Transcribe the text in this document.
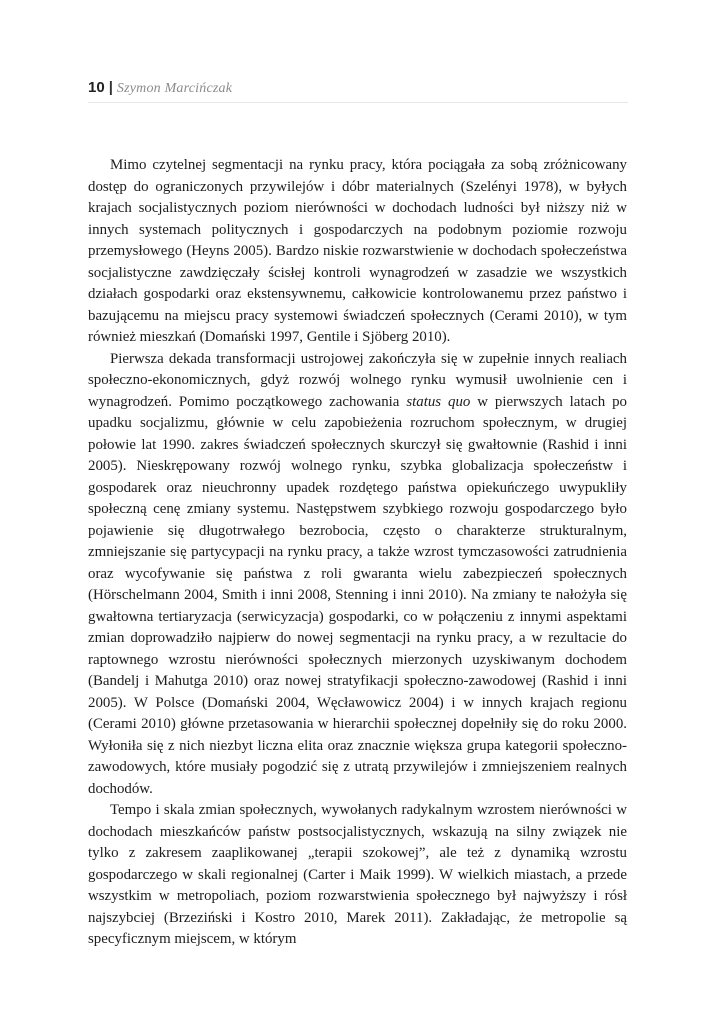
10 | Szymon Marcińczak

Mimo czytelnej segmentacji na rynku pracy, która pociągała za sobą zróżnicowany dostęp do ograniczonych przywilejów i dóbr materialnych (Szelényi 1978), w byłych krajach socjalistycznych poziom nierówności w dochodach ludności był niższy niż w innych systemach politycznych i gospodarczych na podobnym poziomie rozwoju przemysłowego (Heyns 2005). Bardzo niskie rozwarstwienie w dochodach społeczeństwa socjalistyczne zawdzięczały ścisłej kontroli wynagrodzeń w zasadzie we wszystkich działach gospodarki oraz ekstensywnemu, całkowicie kontrolowanemu przez państwo i bazującemu na miejscu pracy systemowi świadczeń społecznych (Cerami 2010), w tym również mieszkań (Domański 1997, Gentile i Sjöberg 2010).

Pierwsza dekada transformacji ustrojowej zakończyła się w zupełnie innych realiach społeczno-ekonomicznych, gdyż rozwój wolnego rynku wymusił uwolnienie cen i wynagrodzeń. Pomimo początkowego zachowania status quo w pierwszych latach po upadku socjalizmu, głównie w celu zapobieżenia rozruchom społecznym, w drugiej połowie lat 1990. zakres świadczeń społecznych skurczył się gwałtownie (Rashid i inni 2005). Nieskrępowany rozwój wolnego rynku, szybka globalizacja społeczeństw i gospodarek oraz nieuchronny upadek rozdętego państwa opiekuńczego uwypukliły społeczną cenę zmiany systemu. Następstwem szybkiego rozwoju gospodarczego było pojawienie się długotrwałego bezrobocia, często o charakterze strukturalnym, zmniejszanie się partycypacji na rynku pracy, a także wzrost tymczasowości zatrudnienia oraz wycofywanie się państwa z roli gwaranta wielu zabezpieczeń społecznych (Hörschelmann 2004, Smith i inni 2008, Stenning i inni 2010). Na zmiany te nałożyła się gwałtowna tertiaryzacja (serwicyzacja) gospodarki, co w połączeniu z innymi aspektami zmian doprowadziło najpierw do nowej segmentacji na rynku pracy, a w rezultacie do raptownego wzrostu nierówności społecznych mierzonych uzyskiwanym dochodem (Bandelj i Mahutga 2010) oraz nowej stratyfikacji społeczno-zawodowej (Rashid i inni 2005). W Polsce (Domański 2004, Węcławowicz 2004) i w innych krajach regionu (Cerami 2010) główne przetasowania w hierarchii społecznej dopełniły się do roku 2000. Wyłoniła się z nich niezbyt liczna elita oraz znacznie większa grupa kategorii społeczno-zawodowych, które musiały pogodzić się z utratą przywilejów i zmniejszeniem realnych dochodów.

Tempo i skala zmian społecznych, wywołanych radykalnym wzrostem nierówności w dochodach mieszkańców państw postsocjalistycznych, wskazują na silny związek nie tylko z zakresem zaaplikowanej „terapii szokowej”, ale też z dynamiką wzrostu gospodarczego w skali regionalnej (Carter i Maik 1999). W wielkich miastach, a przede wszystkim w metropoliach, poziom rozwarstwienia społecznego był najwyższy i rósł najszybciej (Brzeziński i Kostro 2010, Marek 2011). Zakładając, że metropolie są specyficznym miejscem, w którym
